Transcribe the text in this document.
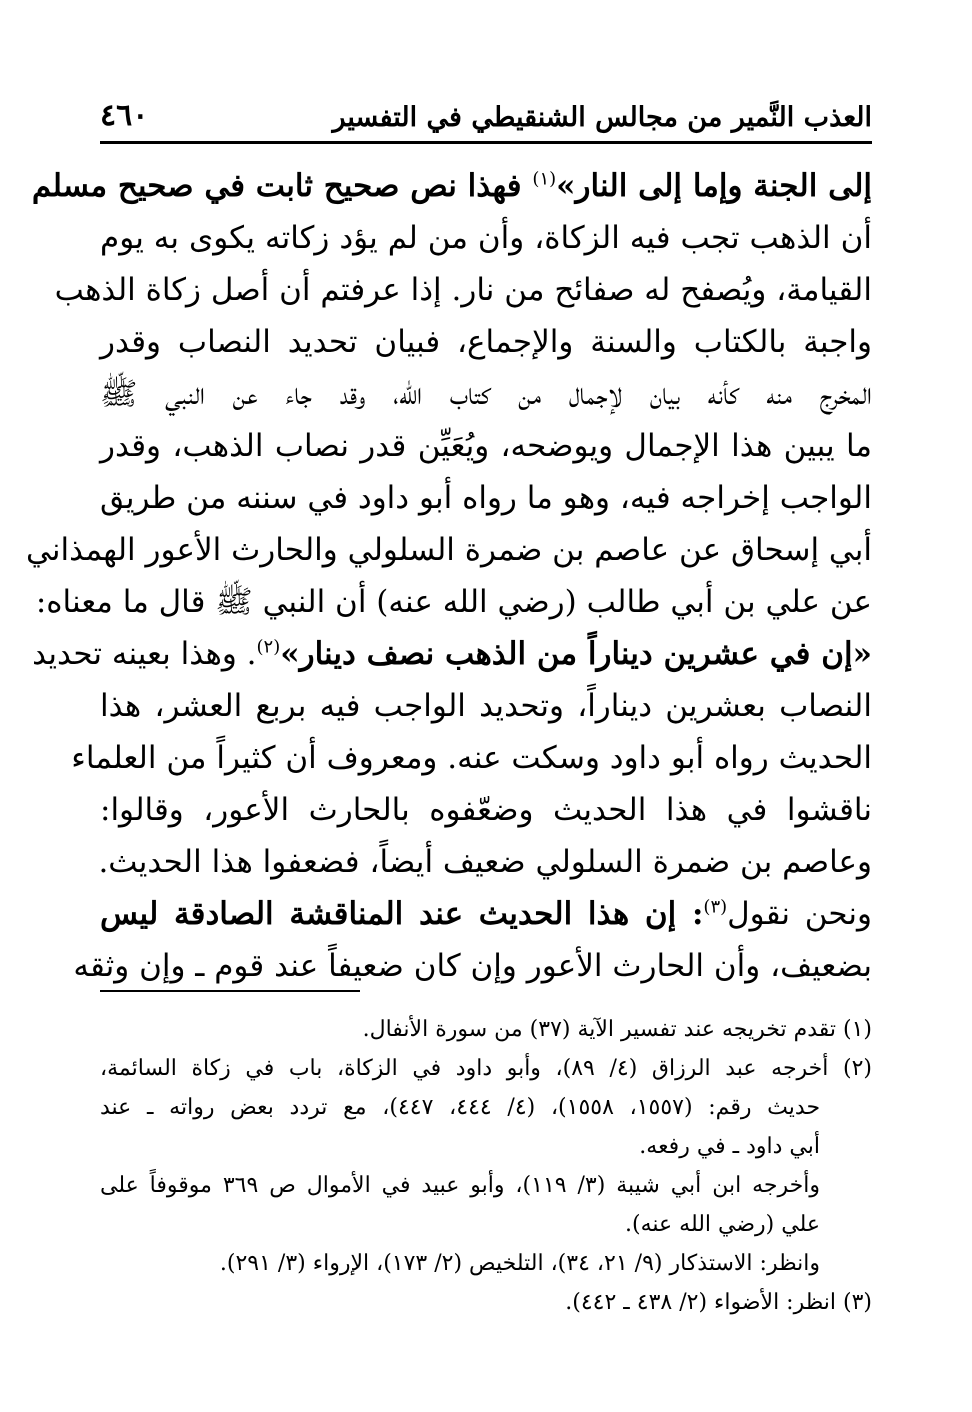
العذب النَّمير من مجالس الشنقيطي في التفسير
٤٦٠
إلى الجنة وإما إلى النار»$^{(١)}$ فهذا نص صحيح ثابت في صحيح مسلم
أن الذهب تجب فيه الزكاة، وأن من لم يؤد زكاته يكوى به يوم
القيامة، ويُصفح له صفائح من نار. إذا عرفتم أن أصل زكاة الذهب
واجبة بالكتاب والسنة والإجماع، فبيان تحديد النصاب وقدر
المخرج منه كأنه بيان لإجمال من كتاب الله، وقد جاء عن النبي ﷺ
ما يبين هذا الإجمال ويوضحه، ويُعَيِّن قدر نصاب الذهب، وقدر
الواجب إخراجه فيه، وهو ما رواه أبو داود في سننه من طريق
أبي إسحاق عن عاصم بن ضمرة السلولي والحارث الأعور الهمذاني
عن علي بن أبي طالب (رضي الله عنه) أن النبي ﷺ قال ما معناه:
«إن في عشرين ديناراً من الذهب نصف دينار»$^{(٢)}$. وهذا بعينه تحديد
النصاب بعشرين ديناراً، وتحديد الواجب فيه بربع العشر، هذا
الحديث رواه أبو داود وسكت عنه. ومعروف أن كثيراً من العلماء
ناقشوا في هذا الحديث وضعّفوه بالحارث الأعور، وقالوا:
وعاصم بن ضمرة السلولي ضعيف أيضاً، فضعفوا هذا الحديث.
ونحن نقول$^{(٣)}$: إن هذا الحديث عند المناقشة الصادقة ليس
بضعيف، وأن الحارث الأعور وإن كان ضعيفاً عند قوم ـ وإن وثقه
(١) تقدم تخريجه عند تفسير الآية (٣٧) من سورة الأنفال.
(٢) أخرجه عبد الرزاق (٤/ ٨٩)، وأبو داود في الزكاة، باب في زكاة السائمة،
حديث رقم: (١٥٥٧، ١٥٥٨)، (٤/ ٤٤٤، ٤٤٧)، مع تردد بعض رواته ـ عند
أبي داود ـ في رفعه.
وأخرجه ابن أبي شيبة (٣/ ١١٩)، وأبو عبيد في الأموال ص ٣٦٩ موقوفاً على
علي (رضي الله عنه).
وانظر: الاستذكار (٩/ ٢١، ٣٤)، التلخيص (٢/ ١٧٣)، الإرواء (٣/ ٢٩١).
(٣) انظر: الأضواء (٢/ ٤٣٨ ـ ٤٤٢).
